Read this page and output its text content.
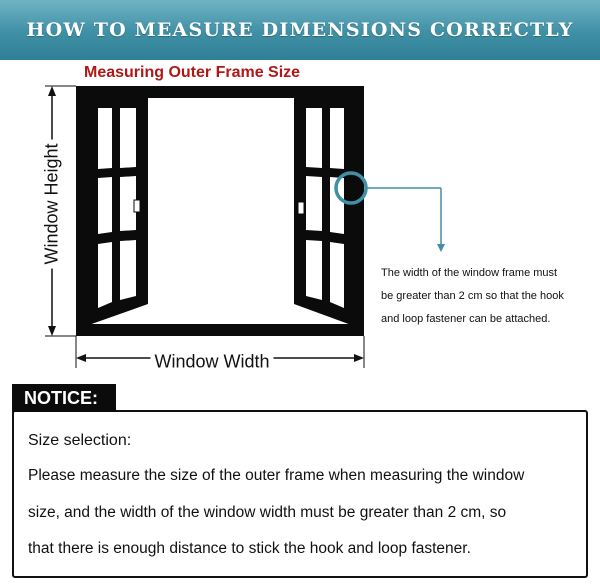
HOW TO MEASURE DIMENSIONS CORRECTLY
Measuring Outer Frame Size
Window Height
Window Width
The width of the window frame must
be greater than 2 cm so that the hook
and loop fastener can be attached.
Size selection:
Please measure the size of the outer frame when measuring the window
size, and the width of the window width must be greater than 2 cm, so
that there is enough distance to stick the hook and loop fastener.
NOTICE:
